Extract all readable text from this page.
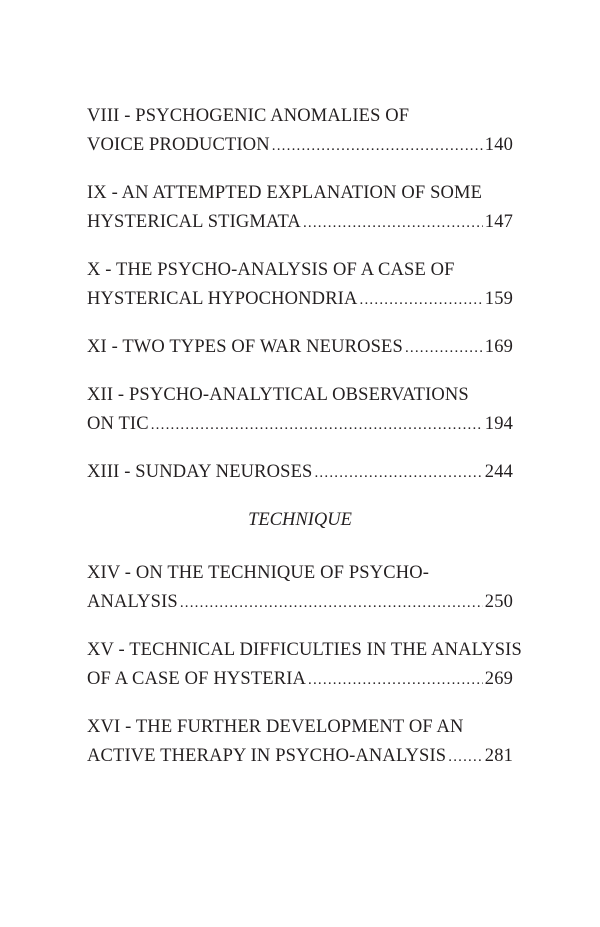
VIII - PSYCHOGENIC ANOMALIES OF
VOICE PRODUCTION .....	140
IX - AN ATTEMPTED EXPLANATION OF SOME
HYSTERICAL STIGMATA .....	147
X - THE PSYCHO-ANALYSIS OF A CASE OF
HYSTERICAL HYPOCHONDRIA .....	159
XI - TWO TYPES OF WAR NEUROSES .....	169
XII - PSYCHO-ANALYTICAL OBSERVATIONS
ON TIC .....	194
XIII - SUNDAY NEUROSES .....	244
TECHNIQUE
XIV - ON THE TECHNIQUE OF PSYCHO-
ANALYSIS .....	250
XV - TECHNICAL DIFFICULTIES IN THE ANALYSIS
OF A CASE OF HYSTERIA .....	269
XVI - THE FURTHER DEVELOPMENT OF AN
ACTIVE THERAPY IN PSYCHO-ANALYSIS ..... 281
